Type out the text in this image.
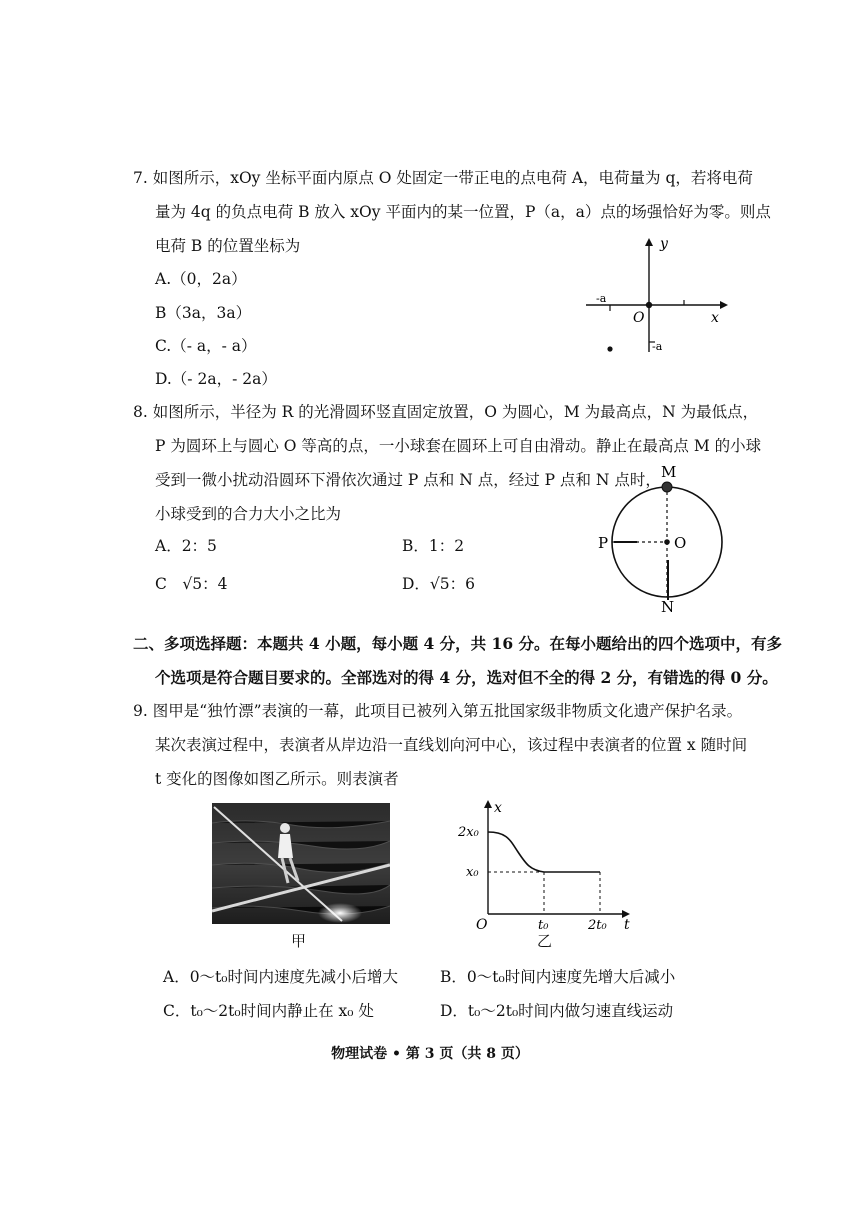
7. 如图所示，xOy 坐标平面内原点 O 处固定一带正电的点电荷 A，电荷量为 q，若将电荷
量为 4q 的负点电荷 B 放入 xOy 平面内的某一位置，P（a，a）点的场强恰好为零。则点
电荷 B 的位置坐标为
A.（0，2a）
B（3a，3a）
C.（- a，- a）
D.（- 2a，- 2a）
y
x
O
-a
-a
8. 如图所示，半径为 R 的光滑圆环竖直固定放置，O 为圆心，M 为最高点，N 为最低点，
P 为圆环上与圆心 O 等高的点，一小球套在圆环上可自由滑动。静止在最高点 M 的小球
受到一微小扰动沿圆环下滑依次通过 P 点和 N 点，经过 P 点和 N 点时，
小球受到的合力大小之比为
A．2：5	B．1：2
C　√5：4	D．√5：6
M
N
P	O
二、多项选择题：本题共 4 小题，每小题 4 分，共 16 分。在每小题给出的四个选项中，有多
个选项是符合题目要求的。全部选对的得 4 分，选对但不全的得 2 分，有错选的得 0 分。
9. 图甲是“独竹漂”表演的一幕，此项目已被列入第五批国家级非物质文化遗产保护名录。
某次表演过程中，表演者从岸边沿一直线划向河中心，该过程中表演者的位置 x 随时间
t 变化的图像如图乙所示。则表演者
甲
x
t
O
2x₀
x₀
t₀	2t₀
乙
A．0～t₀时间内速度先减小后增大	B．0～t₀时间内速度先增大后减小
C．t₀～2t₀时间内静止在 x₀ 处	D．t₀～2t₀时间内做匀速直线运动
物理试卷 • 第 3 页（共 8 页）
